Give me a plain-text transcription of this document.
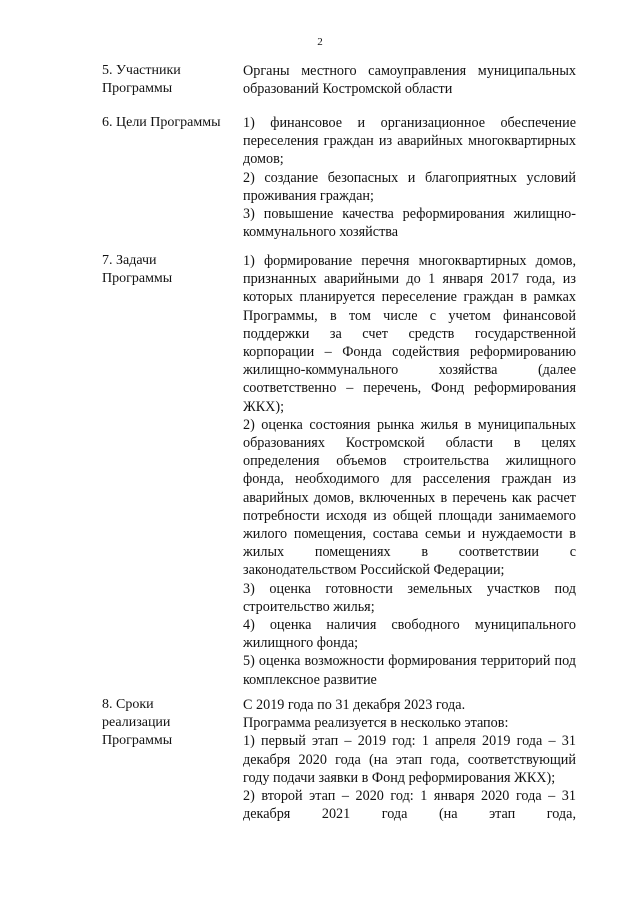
2
5. Участники
Программы

Органы местного самоуправления муниципальных образований Костромской области

6. Цели Программы	1) финансовое и организационное обеспечение переселения граждан из аварийных многоквартирных домов;

2) создание безопасных и благоприятных условий проживания граждан;

3) повышение качества реформирования жилищно-коммунального хозяйства

7. Задачи
Программы

1) формирование перечня многоквартирных домов, признанных аварийными до 1 января 2017 года, из которых планируется переселение граждан в рамках Программы, в том числе с учетом финансовой поддержки за счет средств государственной корпорации – Фонда содействия реформированию жилищно-коммунального хозяйства (далее соответственно – перечень, Фонд реформирования ЖКХ);

2) оценка состояния рынка жилья в муниципальных образованиях Костромской области в целях определения объемов строительства жилищного фонда, необходимого для расселения граждан из аварийных домов, включенных в перечень как расчет потребности исходя из общей площади занимаемого жилого помещения, состава семьи и нуждаемости в жилых помещениях в соответствии с законодательством Российской Федерации;

3) оценка готовности земельных участков под строительство жилья;

4) оценка наличия свободного муниципального жилищного фонда;

5) оценка возможности формирования территорий под комплексное развитие

8. Сроки
реализации
Программы

С 2019 года по 31 декабря 2023 года.

Программа реализуется в несколько этапов:

1) первый этап – 2019 год: 1 апреля 2019 года – 31 декабря 2020 года (на этап года, соответствующий году подачи заявки в Фонд реформирования ЖКХ);

2) второй этап – 2020 год: 1 января 2020 года – 31 декабря 2021 года (на этап года,
